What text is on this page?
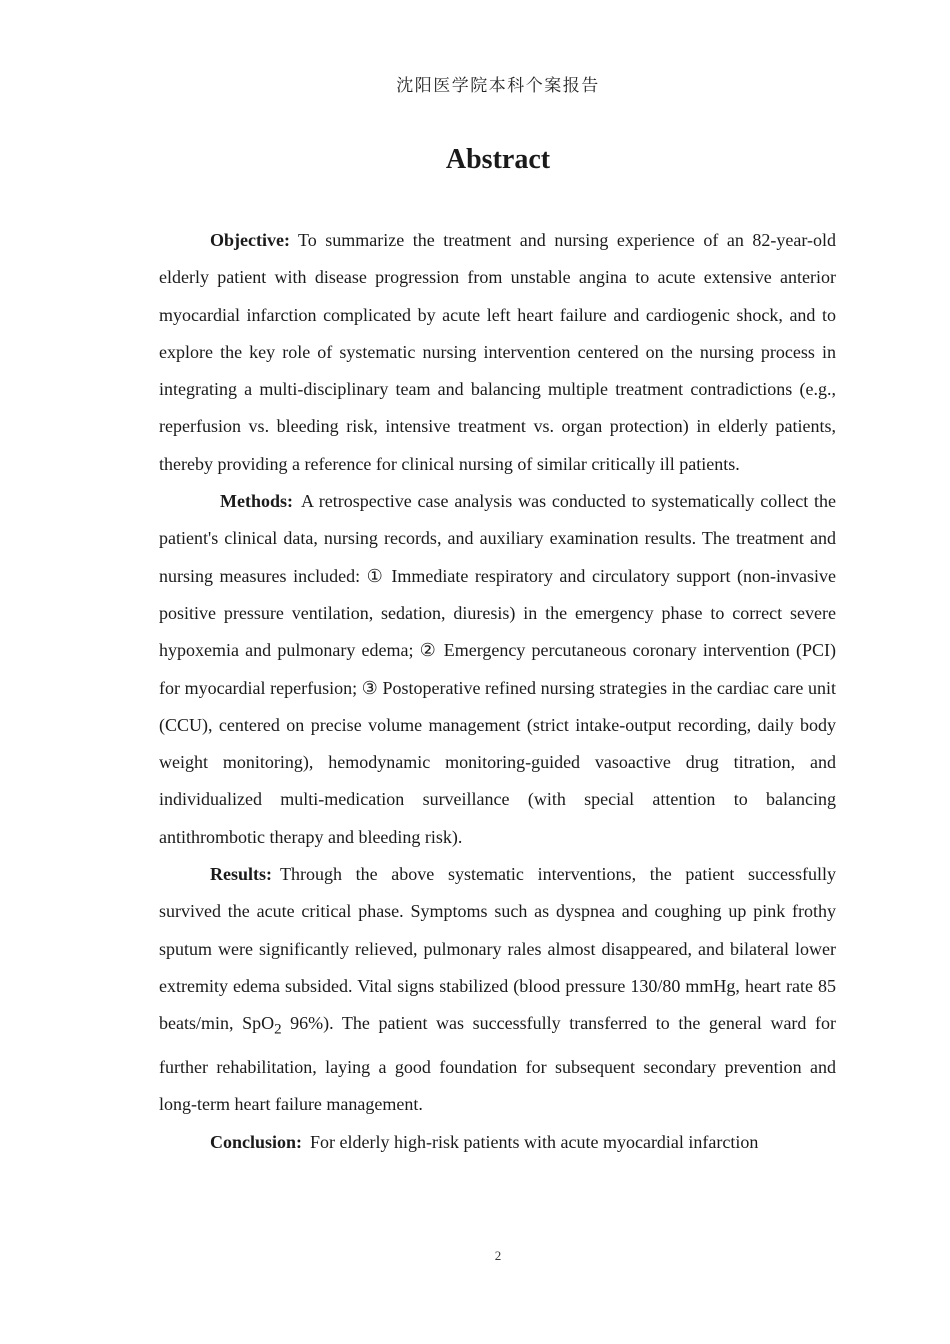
沈阳医学院本科个案报告
Abstract

Objective: To summarize the treatment and nursing experience of an 82-year-old elderly patient with disease progression from unstable angina to acute extensive anterior myocardial infarction complicated by acute left heart failure and cardiogenic shock, and to explore the key role of systematic nursing intervention centered on the nursing process in integrating a multi-disciplinary team and balancing multiple treatment contradictions (e.g., reperfusion vs. bleeding risk, intensive treatment vs. organ protection) in elderly patients, thereby providing a reference for clinical nursing of similar critically ill patients.

Methods: A retrospective case analysis was conducted to systematically collect the patient's clinical data, nursing records, and auxiliary examination results. The treatment and nursing measures included: ① Immediate respiratory and circulatory support (non-invasive positive pressure ventilation, sedation, diuresis) in the emergency phase to correct severe hypoxemia and pulmonary edema; ② Emergency percutaneous coronary intervention (PCI) for myocardial reperfusion; ③ Postoperative refined nursing strategies in the cardiac care unit (CCU), centered on precise volume management (strict intake-output recording, daily body weight monitoring), hemodynamic monitoring-guided vasoactive drug titration, and individualized multi-medication surveillance (with special attention to balancing antithrombotic therapy and bleeding risk).

Results: Through the above systematic interventions, the patient successfully survived the acute critical phase. Symptoms such as dyspnea and coughing up pink frothy sputum were significantly relieved, pulmonary rales almost disappeared, and bilateral lower extremity edema subsided. Vital signs stabilized (blood pressure 130/80 mmHg, heart rate 85 beats/min, SpO$_2$ 96%). The patient was successfully transferred to the general ward for further rehabilitation, laying a good foundation for subsequent secondary prevention and long-term heart failure management.

Conclusion: For elderly high-risk patients with acute myocardial infarction

2
